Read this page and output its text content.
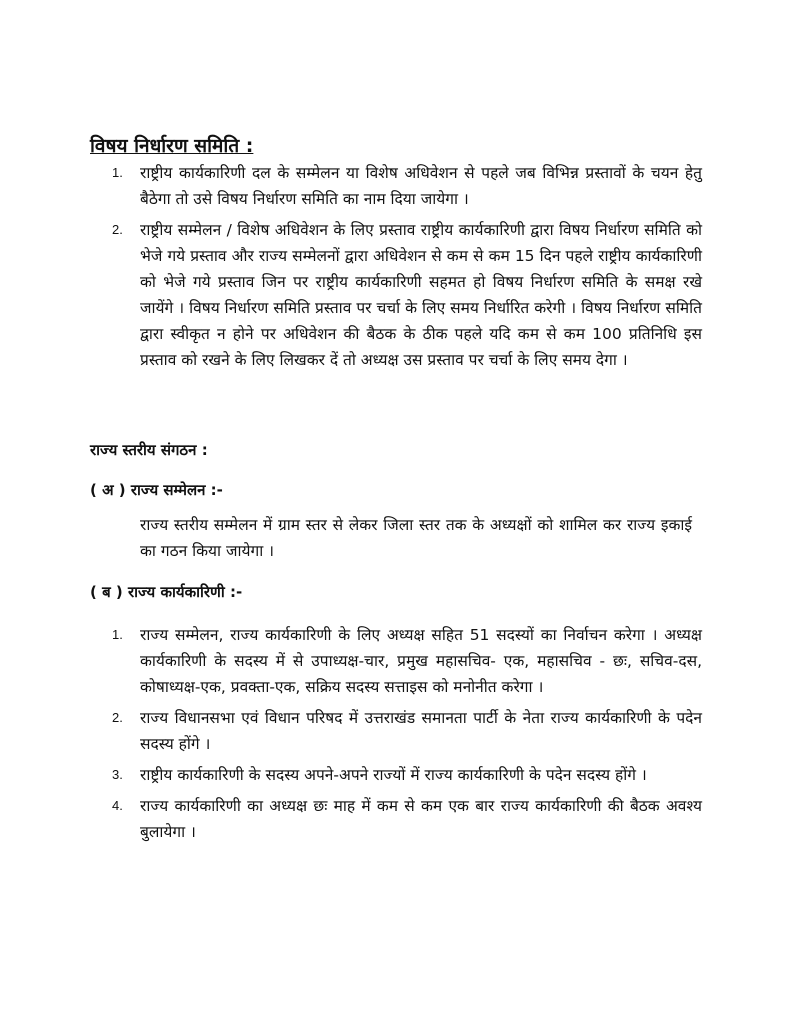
विषय निर्धारण समिति :
1. राष्ट्रीय कार्यकारिणी दल के सम्मेलन या विशेष अधिवेशन से पहले जब विभिन्न प्रस्तावों के चयन हेतु बैठेगा तो उसे विषय निर्धारण समिति का नाम दिया जायेगा ।
2. राष्ट्रीय सम्मेलन / विशेष अधिवेशन के लिए प्रस्ताव राष्ट्रीय कार्यकारिणी द्वारा विषय निर्धारण समिति को भेजे गये प्रस्ताव और राज्य सम्मेलनों द्वारा अधिवेशन से कम से कम 15 दिन पहले राष्ट्रीय कार्यकारिणी को भेजे गये प्रस्ताव जिन पर राष्ट्रीय कार्यकारिणी सहमत हो विषय निर्धारण समिति के समक्ष रखे जायेंगे । विषय निर्धारण समिति प्रस्ताव पर चर्चा के लिए समय निर्धारित करेगी । विषय निर्धारण समिति द्वारा स्वीकृत न होने पर अधिवेशन की बैठक के ठीक पहले यदि कम से कम 100 प्रतिनिधि इस प्रस्ताव को रखने के लिए लिखकर दें तो अध्यक्ष उस प्रस्ताव पर चर्चा के लिए समय देगा ।
राज्य स्तरीय संगठन :
( अ ) राज्य सम्मेलन :-

राज्य स्तरीय सम्मेलन में ग्राम स्तर से लेकर जिला स्तर तक के अध्यक्षों को शामिल कर राज्य इकाई का गठन किया जायेगा ।

( ब ) राज्य कार्यकारिणी :-
1. राज्य सम्मेलन, राज्य कार्यकारिणी के लिए अध्यक्ष सहित 51 सदस्यों का निर्वाचन करेगा । अध्यक्ष कार्यकारिणी के सदस्य में से उपाध्यक्ष-चार, प्रमुख महासचिव- एक, महासचिव - छः, सचिव-दस, कोषाध्यक्ष-एक, प्रवक्ता-एक, सक्रिय सदस्य सत्ताइस को मनोनीत करेगा ।
2. राज्य विधानसभा एवं विधान परिषद में उत्तराखंड समानता पार्टी के नेता राज्य कार्यकारिणी के पदेन सदस्य होंगे ।
3. राष्ट्रीय कार्यकारिणी के सदस्य अपने-अपने राज्यों में राज्य कार्यकारिणी के पदेन सदस्य होंगे ।
4. राज्य कार्यकारिणी का अध्यक्ष छः माह में कम से कम एक बार राज्य कार्यकारिणी की बैठक अवश्य बुलायेगा ।
